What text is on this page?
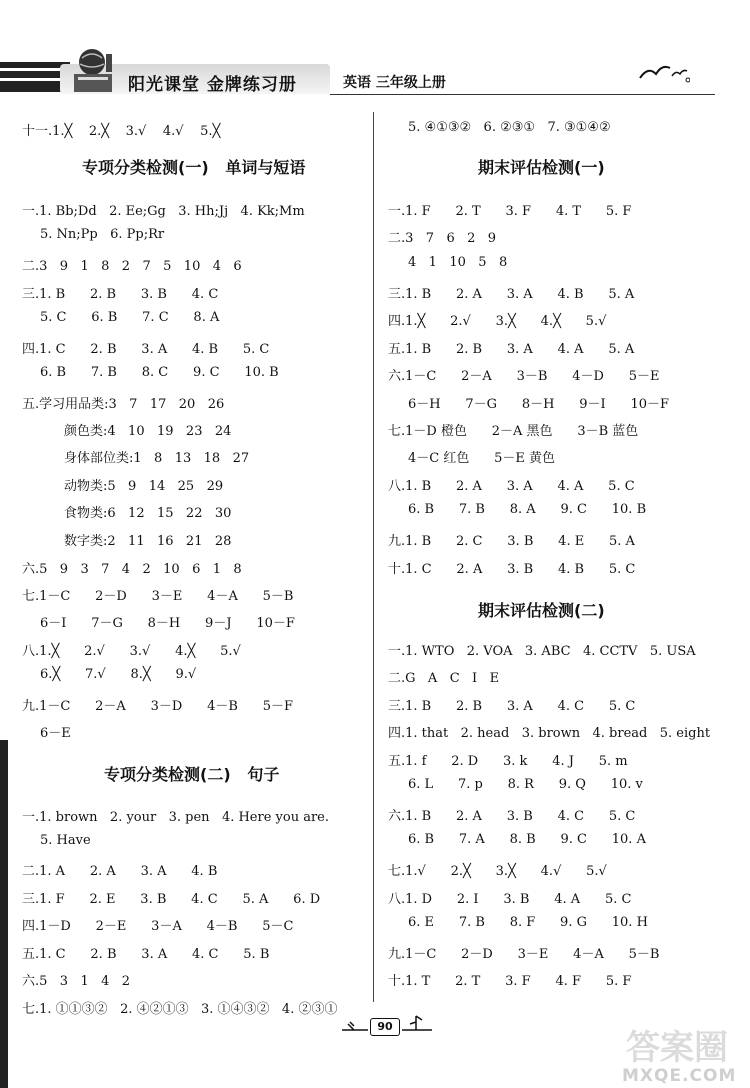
阳光课堂 金牌练习册	英语 三年级上册
十一.1.╳    2.╳    3.√    4.√    5.╳
专项分类检测(一)   单词与短语
一.1. Bb;Dd   2. Ee;Gg   3. Hh;Jj   4. Kk;Mm
5. Nn;Pp   6. Pp;Rr
二.3   9   1   8   2   7   5   10   4   6
三.1. B      2. B      3. B      4. C
5. C      6. B      7. C      8. A
四.1. C      2. B      3. A      4. B      5. C
6. B      7. B      8. C      9. C      10. B
五.学习用品类:3   7   17   20   26
颜色类:4   10   19   23   24
身体部位类:1   8   13   18   27
动物类:5   9   14   25   29
食物类:6   12   15   22   30
数字类:2   11   16   21   28
六.5   9   3   7   4   2   10   6   1   8
七.1－C      2－D      3－E      4－A      5－B
6－I      7－G      8－H      9－J      10－F
八.1.╳      2.√      3.√      4.╳      5.√
6.╳      7.√      8.╳      9.√
九.1－C      2－A      3－D      4－B      5－F
6－E
专项分类检测(二)   句子
一.1. brown   2. your   3. pen   4. Here you are.
5. Have
二.1. A      2. A      3. A      4. B
三.1. F      2. E      3. B      4. C      5. A      6. D
四.1－D      2－E      3－A      4－B      5－C
五.1. C      2. B      3. A      4. C      5. B
六.5   3   1   4   2
七.1. ①①③②   2. ④②①③   3. ①④③②   4. ②③①
5. ④①③②   6. ②③①   7. ③①④②
期末评估检测(一)
一.1. F      2. T      3. F      4. T      5. F
二.3   7   6   2   9
4   1   10   5   8
三.1. B      2. A      3. A      4. B      5. A
四.1.╳      2.√      3.╳      4.╳      5.√
五.1. B      2. B      3. A      4. A      5. A
六.1－C      2－A      3－B      4－D      5－E
6－H      7－G      8－H      9－I      10－F
七.1－D 橙色      2－A 黑色      3－B 蓝色
4－C 红色      5－E 黄色
八.1. B      2. A      3. A      4. A      5. C
6. B      7. B      8. A      9. C      10. B
九.1. B      2. C      3. B      4. E      5. A
十.1. C      2. A      3. B      4. B      5. C
期末评估检测(二)
一.1. WTO   2. VOA   3. ABC   4. CCTV   5. USA
二.G   A   C   I   E
三.1. B      2. B      3. A      4. C      5. C
四.1. that   2. head   3. brown   4. bread   5. eight
五.1. f      2. D      3. k      4. J      5. m
6. L      7. p      8. R      9. Q      10. v
六.1. B      2. A      3. B      4. C      5. C
6. B      7. A      8. B      9. C      10. A
七.1.√      2.╳      3.╳      4.√      5.√
八.1. D      2. I      3. B      4. A      5. C
6. E      7. B      8. F      9. G      10. H
九.1－C      2－D      3－E      4－A      5－B
十.1. T      2. T      3. F      4. F      5. F
90
答案圈
MXQE.COM
